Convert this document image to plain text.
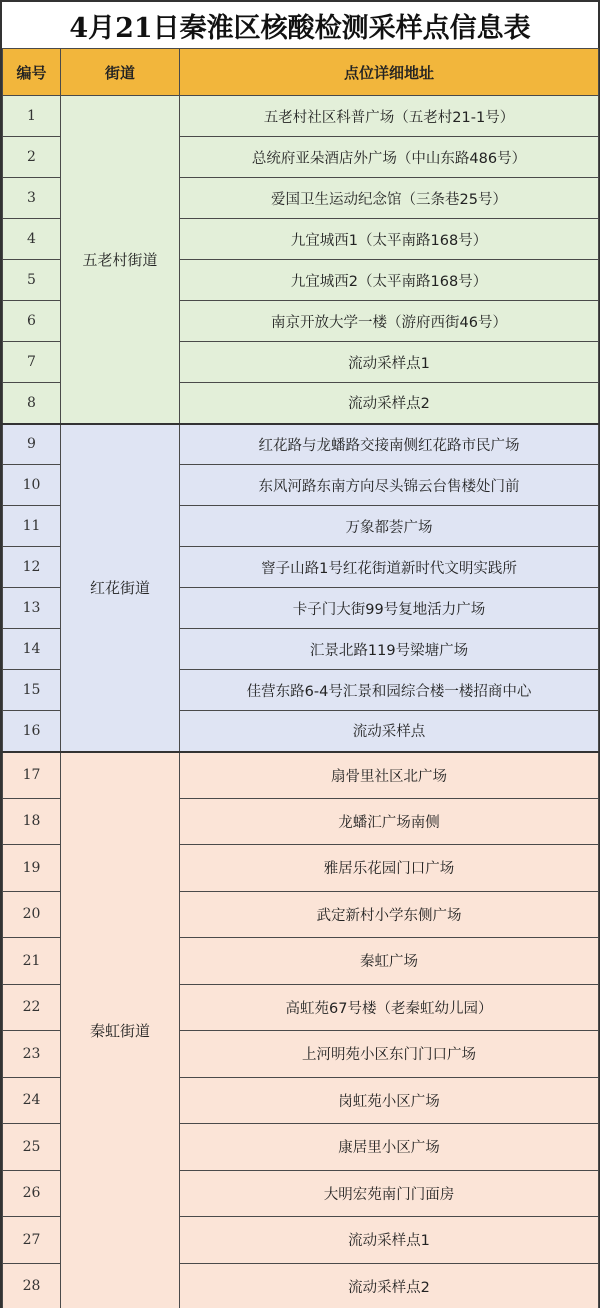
4月21日秦淮区核酸检测采样点信息表
编号	街道	点位详细地址
1	五老村街道	五老村社区科普广场（五老村21-1号）
2		总统府亚朵酒店外广场（中山东路486号）
3		爱国卫生运动纪念馆（三条巷25号）
4		九宜城西1（太平南路168号）
5		九宜城西2（太平南路168号）
6		南京开放大学一楼（游府西街46号）
7		流动采样点1
8		流动采样点2
9	红花街道	红花路与龙蟠路交接南侧红花路市民广场
10		东风河路东南方向尽头锦云台售楼处门前
11		万象都荟广场
12		窨子山路1号红花街道新时代文明实践所
13		卡子门大街99号复地活力广场
14		汇景北路119号梁塘广场
15		佳营东路6-4号汇景和园综合楼一楼招商中心
16		流动采样点
17	秦虹街道	扇骨里社区北广场
18		龙蟠汇广场南侧
19		雅居乐花园门口广场
20		武定新村小学东侧广场
21		秦虹广场
22		高虹苑67号楼（老秦虹幼儿园）
23		上河明苑小区东门门口广场
24		岗虹苑小区广场
25		康居里小区广场
26		大明宏苑南门门面房
27		流动采样点1
28		流动采样点2
